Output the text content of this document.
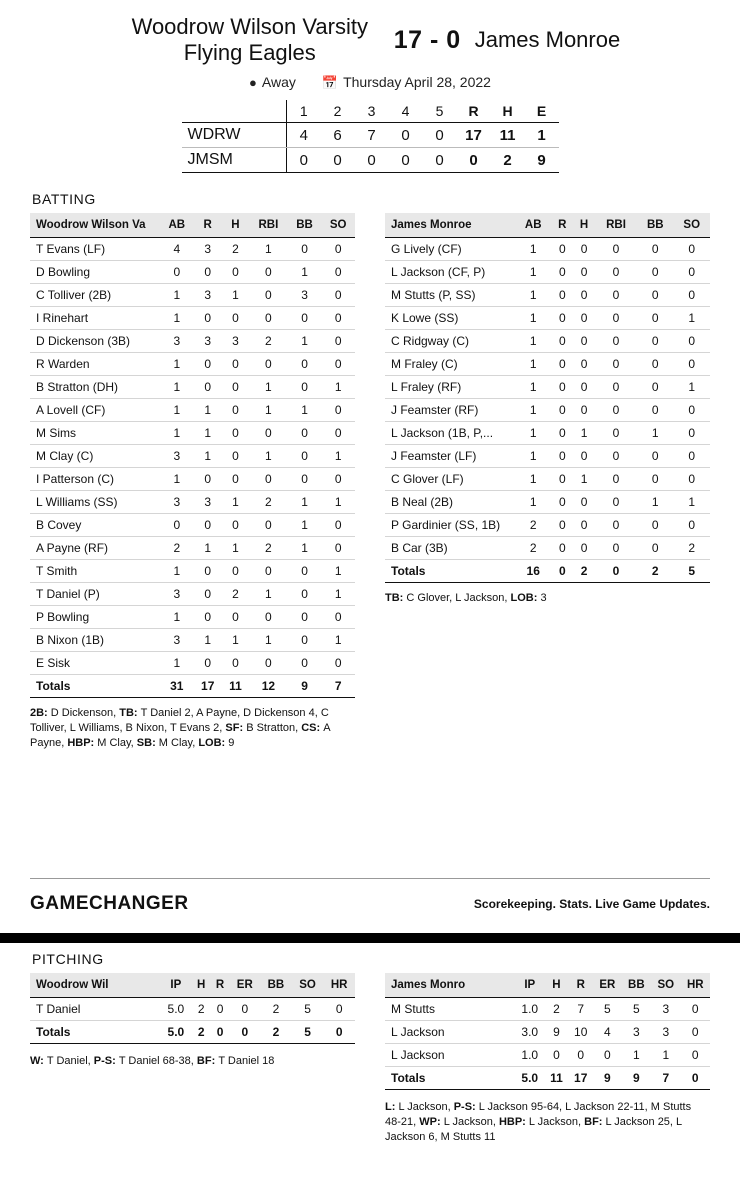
Woodrow Wilson Varsity Flying Eagles	17 - 0 James Monroe
●︎ Away 📅 Thursday April 28, 2022
	1	2	3	4	5	R	H	E
WDRW	4	6	7	0	0	17	11	1
JMSM	0	0	0	0	0	0	2	9
BATTING
Woodrow Wilson Va	AB	R	H	RBI	BB	SO
T Evans (LF)	4	3	2	1	0	0
D Bowling	0	0	0	0	1	0
C Tolliver (2B)	1	3	1	0	3	0
I Rinehart	1	0	0	0	0	0
D Dickenson (3B)	3	3	3	2	1	0
R Warden	1	0	0	0	0	0
B Stratton (DH)	1	0	0	1	0	1
A Lovell (CF)	1	1	0	1	1	0
M Sims	1	1	0	0	0	0
M Clay (C)	3	1	0	1	0	1
I Patterson (C)	1	0	0	0	0	0
L Williams (SS)	3	3	1	2	1	1
B Covey	0	0	0	0	1	0
A Payne (RF)	2	1	1	2	1	0
T Smith	1	0	0	0	0	1
T Daniel (P)	3	0	2	1	0	1
P Bowling	1	0	0	0	0	0
B Nixon (1B)	3	1	1	1	0	1
E Sisk	1	0	0	0	0	0
Totals	31	17	11	12	9	7
2B: D Dickenson, TB: T Daniel 2, A Payne, D Dickenson 4, C Tolliver, L Williams, B Nixon, T Evans 2, SF: B Stratton, CS: A Payne, HBP: M Clay, SB: M Clay, LOB: 9
James Monroe	AB	R	H	RBI	BB	SO
G Lively (CF)	1	0	0	0	0	0
L Jackson (CF, P)	1	0	0	0	0	0
M Stutts (P, SS)	1	0	0	0	0	0
K Lowe (SS)	1	0	0	0	0	1
C Ridgway (C)	1	0	0	0	0	0
M Fraley (C)	1	0	0	0	0	0
L Fraley (RF)	1	0	0	0	0	1
J Feamster (RF)	1	0	0	0	0	0
L Jackson (1B, P,...	1	0	1	0	1	0
J Feamster (LF)	1	0	0	0	0	0
C Glover (LF)	1	0	1	0	0	0
B Neal (2B)	1	0	0	0	1	1
P Gardinier (SS, 1B)	2	0	0	0	0	0
B Car (3B)	2	0	0	0	0	2
Totals	16	0	2	0	2	5
TB: C Glover, L Jackson, LOB: 3
GAMECHANGER	Scorekeeping. Stats. Live Game Updates.
PITCHING
Woodrow Wil	IP	H	R	ER	BB	SO	HR
T Daniel	5.0	2	0	0	2	5	0
Totals	5.0	2	0	0	2	5	0
W: T Daniel, P-S: T Daniel 68-38, BF: T Daniel 18
James Monro	IP	H	R	ER	BB	SO	HR
M Stutts	1.0	2	7	5	5	3	0
L Jackson	3.0	9	10	4	3	3	0
L Jackson	1.0	0	0	0	1	1	0
Totals	5.0	11	17	9	9	7	0
L: L Jackson, P-S: L Jackson 95-64, L Jackson 22-11, M Stutts 48-21, WP: L Jackson, HBP: L Jackson, BF: L Jackson 25, L Jackson 6, M Stutts 11
